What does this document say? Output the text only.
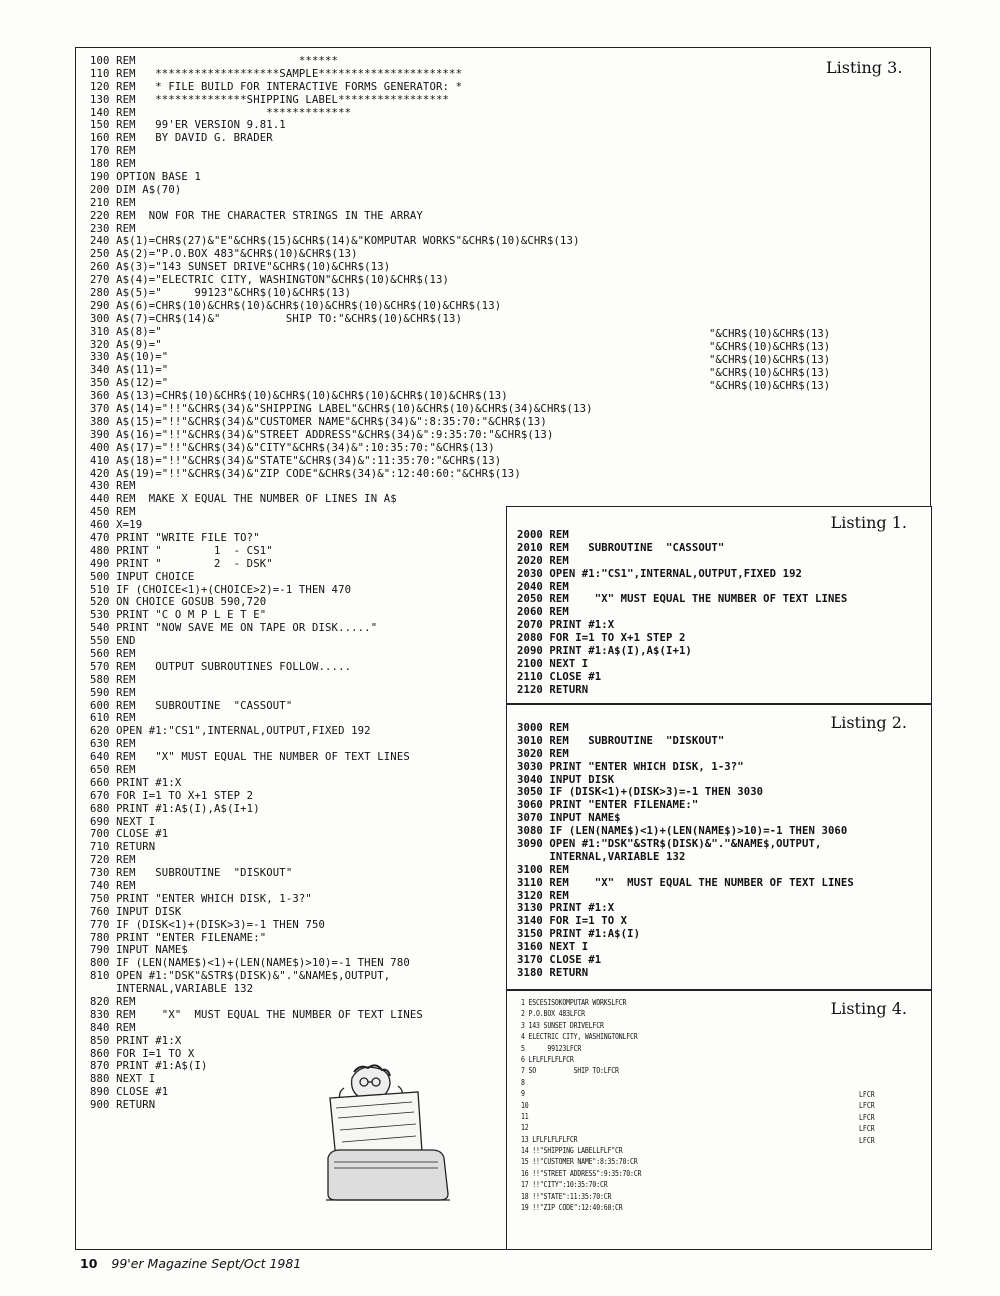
100 REM                         ******
110 REM   *******************SAMPLE**********************
120 REM   * FILE BUILD FOR INTERACTIVE FORMS GENERATOR: *
130 REM   **************SHIPPING LABEL*****************
140 REM                    *************
150 REM   99'ER VERSION 9.81.1
160 REM   BY DAVID G. BRADER
170 REM
180 REM
190 OPTION BASE 1
200 DIM A$(70)
210 REM
220 REM  NOW FOR THE CHARACTER STRINGS IN THE ARRAY
230 REM
240 A$(1)=CHR$(27)&"E"&CHR$(15)&CHR$(14)&"KOMPUTAR WORKS"&CHR$(10)&CHR$(13)
250 A$(2)="P.O.BOX 483"&CHR$(10)&CHR$(13)
260 A$(3)="143 SUNSET DRIVE"&CHR$(10)&CHR$(13)
270 A$(4)="ELECTRIC CITY, WASHINGTON"&CHR$(10)&CHR$(13)
280 A$(5)="     99123"&CHR$(10)&CHR$(13)
290 A$(6)=CHR$(10)&CHR$(10)&CHR$(10)&CHR$(10)&CHR$(10)&CHR$(13)
300 A$(7)=CHR$(14)&"          SHIP TO:"&CHR$(10)&CHR$(13)
310 A$(8)="
320 A$(9)="
330 A$(10)="
340 A$(11)="
350 A$(12)="
360 A$(13)=CHR$(10)&CHR$(10)&CHR$(10)&CHR$(10)&CHR$(10)&CHR$(13)
370 A$(14)="!!"&CHR$(34)&"SHIPPING LABEL"&CHR$(10)&CHR$(10)&CHR$(34)&CHR$(13)
380 A$(15)="!!"&CHR$(34)&"CUSTOMER NAME"&CHR$(34)&":8:35:70:"&CHR$(13)
390 A$(16)="!!"&CHR$(34)&"STREET ADDRESS"&CHR$(34)&":9:35:70:"&CHR$(13)
400 A$(17)="!!"&CHR$(34)&"CITY"&CHR$(34)&":10:35:70:"&CHR$(13)
410 A$(18)="!!"&CHR$(34)&"STATE"&CHR$(34)&":11:35:70:"&CHR$(13)
420 A$(19)="!!"&CHR$(34)&"ZIP CODE"&CHR$(34)&":12:40:60:"&CHR$(13)
430 REM
440 REM  MAKE X EQUAL THE NUMBER OF LINES IN A$
450 REM
460 X=19
470 PRINT "WRITE FILE TO?"
480 PRINT "        1  - CS1"
490 PRINT "        2  - DSK"
500 INPUT CHOICE
510 IF (CHOICE<1)+(CHOICE>2)=-1 THEN 470
520 ON CHOICE GOSUB 590,720
530 PRINT "C O M P L E T E"
540 PRINT "NOW SAVE ME ON TAPE OR DISK....."
550 END
560 REM
570 REM   OUTPUT SUBROUTINES FOLLOW.....
580 REM
590 REM
600 REM   SUBROUTINE  "CASSOUT"
610 REM
620 OPEN #1:"CS1",INTERNAL,OUTPUT,FIXED 192
630 REM
640 REM   "X" MUST EQUAL THE NUMBER OF TEXT LINES
650 REM
660 PRINT #1:X
670 FOR I=1 TO X+1 STEP 2
680 PRINT #1:A$(I),A$(I+1)
690 NEXT I
700 CLOSE #1
710 RETURN
720 REM
730 REM   SUBROUTINE  "DISKOUT"
740 REM
750 PRINT "ENTER WHICH DISK, 1-3?"
760 INPUT DISK
770 IF (DISK<1)+(DISK>3)=-1 THEN 750
780 PRINT "ENTER FILENAME:"
790 INPUT NAME$
800 IF (LEN(NAME$)<1)+(LEN(NAME$)>10)=-1 THEN 780
810 OPEN #1:"DSK"&STR$(DISK)&"."&NAME$,OUTPUT,
INTERNAL,VARIABLE 132
820 REM
830 REM    "X"  MUST EQUAL THE NUMBER OF TEXT LINES
840 REM
850 PRINT #1:X
860 FOR I=1 TO X
870 PRINT #1:A$(I)
880 NEXT I
890 CLOSE #1
900 RETURN
"&CHR$(10)&CHR$(13)
"&CHR$(10)&CHR$(13)
"&CHR$(10)&CHR$(13)
"&CHR$(10)&CHR$(13)
"&CHR$(10)&CHR$(13)
Listing 3.
Listing 1.
2000 REM
2010 REM   SUBROUTINE  "CASSOUT"
2020 REM
2030 OPEN #1:"CS1",INTERNAL,OUTPUT,FIXED 192
2040 REM
2050 REM    "X" MUST EQUAL THE NUMBER OF TEXT LINES
2060 REM
2070 PRINT #1:X
2080 FOR I=1 TO X+1 STEP 2
2090 PRINT #1:A$(I),A$(I+1)
2100 NEXT I
2110 CLOSE #1
2120 RETURN
Listing 2.
3000 REM
3010 REM   SUBROUTINE  "DISKOUT"
3020 REM
3030 PRINT "ENTER WHICH DISK, 1-3?"
3040 INPUT DISK
3050 IF (DISK<1)+(DISK>3)=-1 THEN 3030
3060 PRINT "ENTER FILENAME:"
3070 INPUT NAME$
3080 IF (LEN(NAME$)<1)+(LEN(NAME$)>10)=-1 THEN 3060
3090 OPEN #1:"DSK"&STR$(DISK)&"."&NAME$,OUTPUT,
INTERNAL,VARIABLE 132
3100 REM
3110 REM    "X"  MUST EQUAL THE NUMBER OF TEXT LINES
3120 REM
3130 PRINT #1:X
3140 FOR I=1 TO X
3150 PRINT #1:A$(I)
3160 NEXT I
3170 CLOSE #1
3180 RETURN
Listing 4.
1 ESCESISOKOMPUTAR WORKSLFCR
2 P.O.BOX 483LFCR
3 143 SUNSET DRIVELFCR
4 ELECTRIC CITY, WASHINGTONLFCR
5      99123LFCR
6 LFLFLFLFLFCR
7 SO          SHIP TO:LFCR
8
9
10
11
12
13 LFLFLFLFLFCR
14 !!"SHIPPING LABELLFLF"CR
15 !!"CUSTOMER NAME":8:35:70:CR
16 !!"STREET ADDRESS":9:35:70:CR
17 !!"CITY":10:35:70:CR
18 !!"STATE":11:35:70:CR
19 !!"ZIP CODE":12:40:60:CR
LFCR
LFCR
LFCR
LFCR
LFCR
10 99'er Magazine Sept/Oct 1981
